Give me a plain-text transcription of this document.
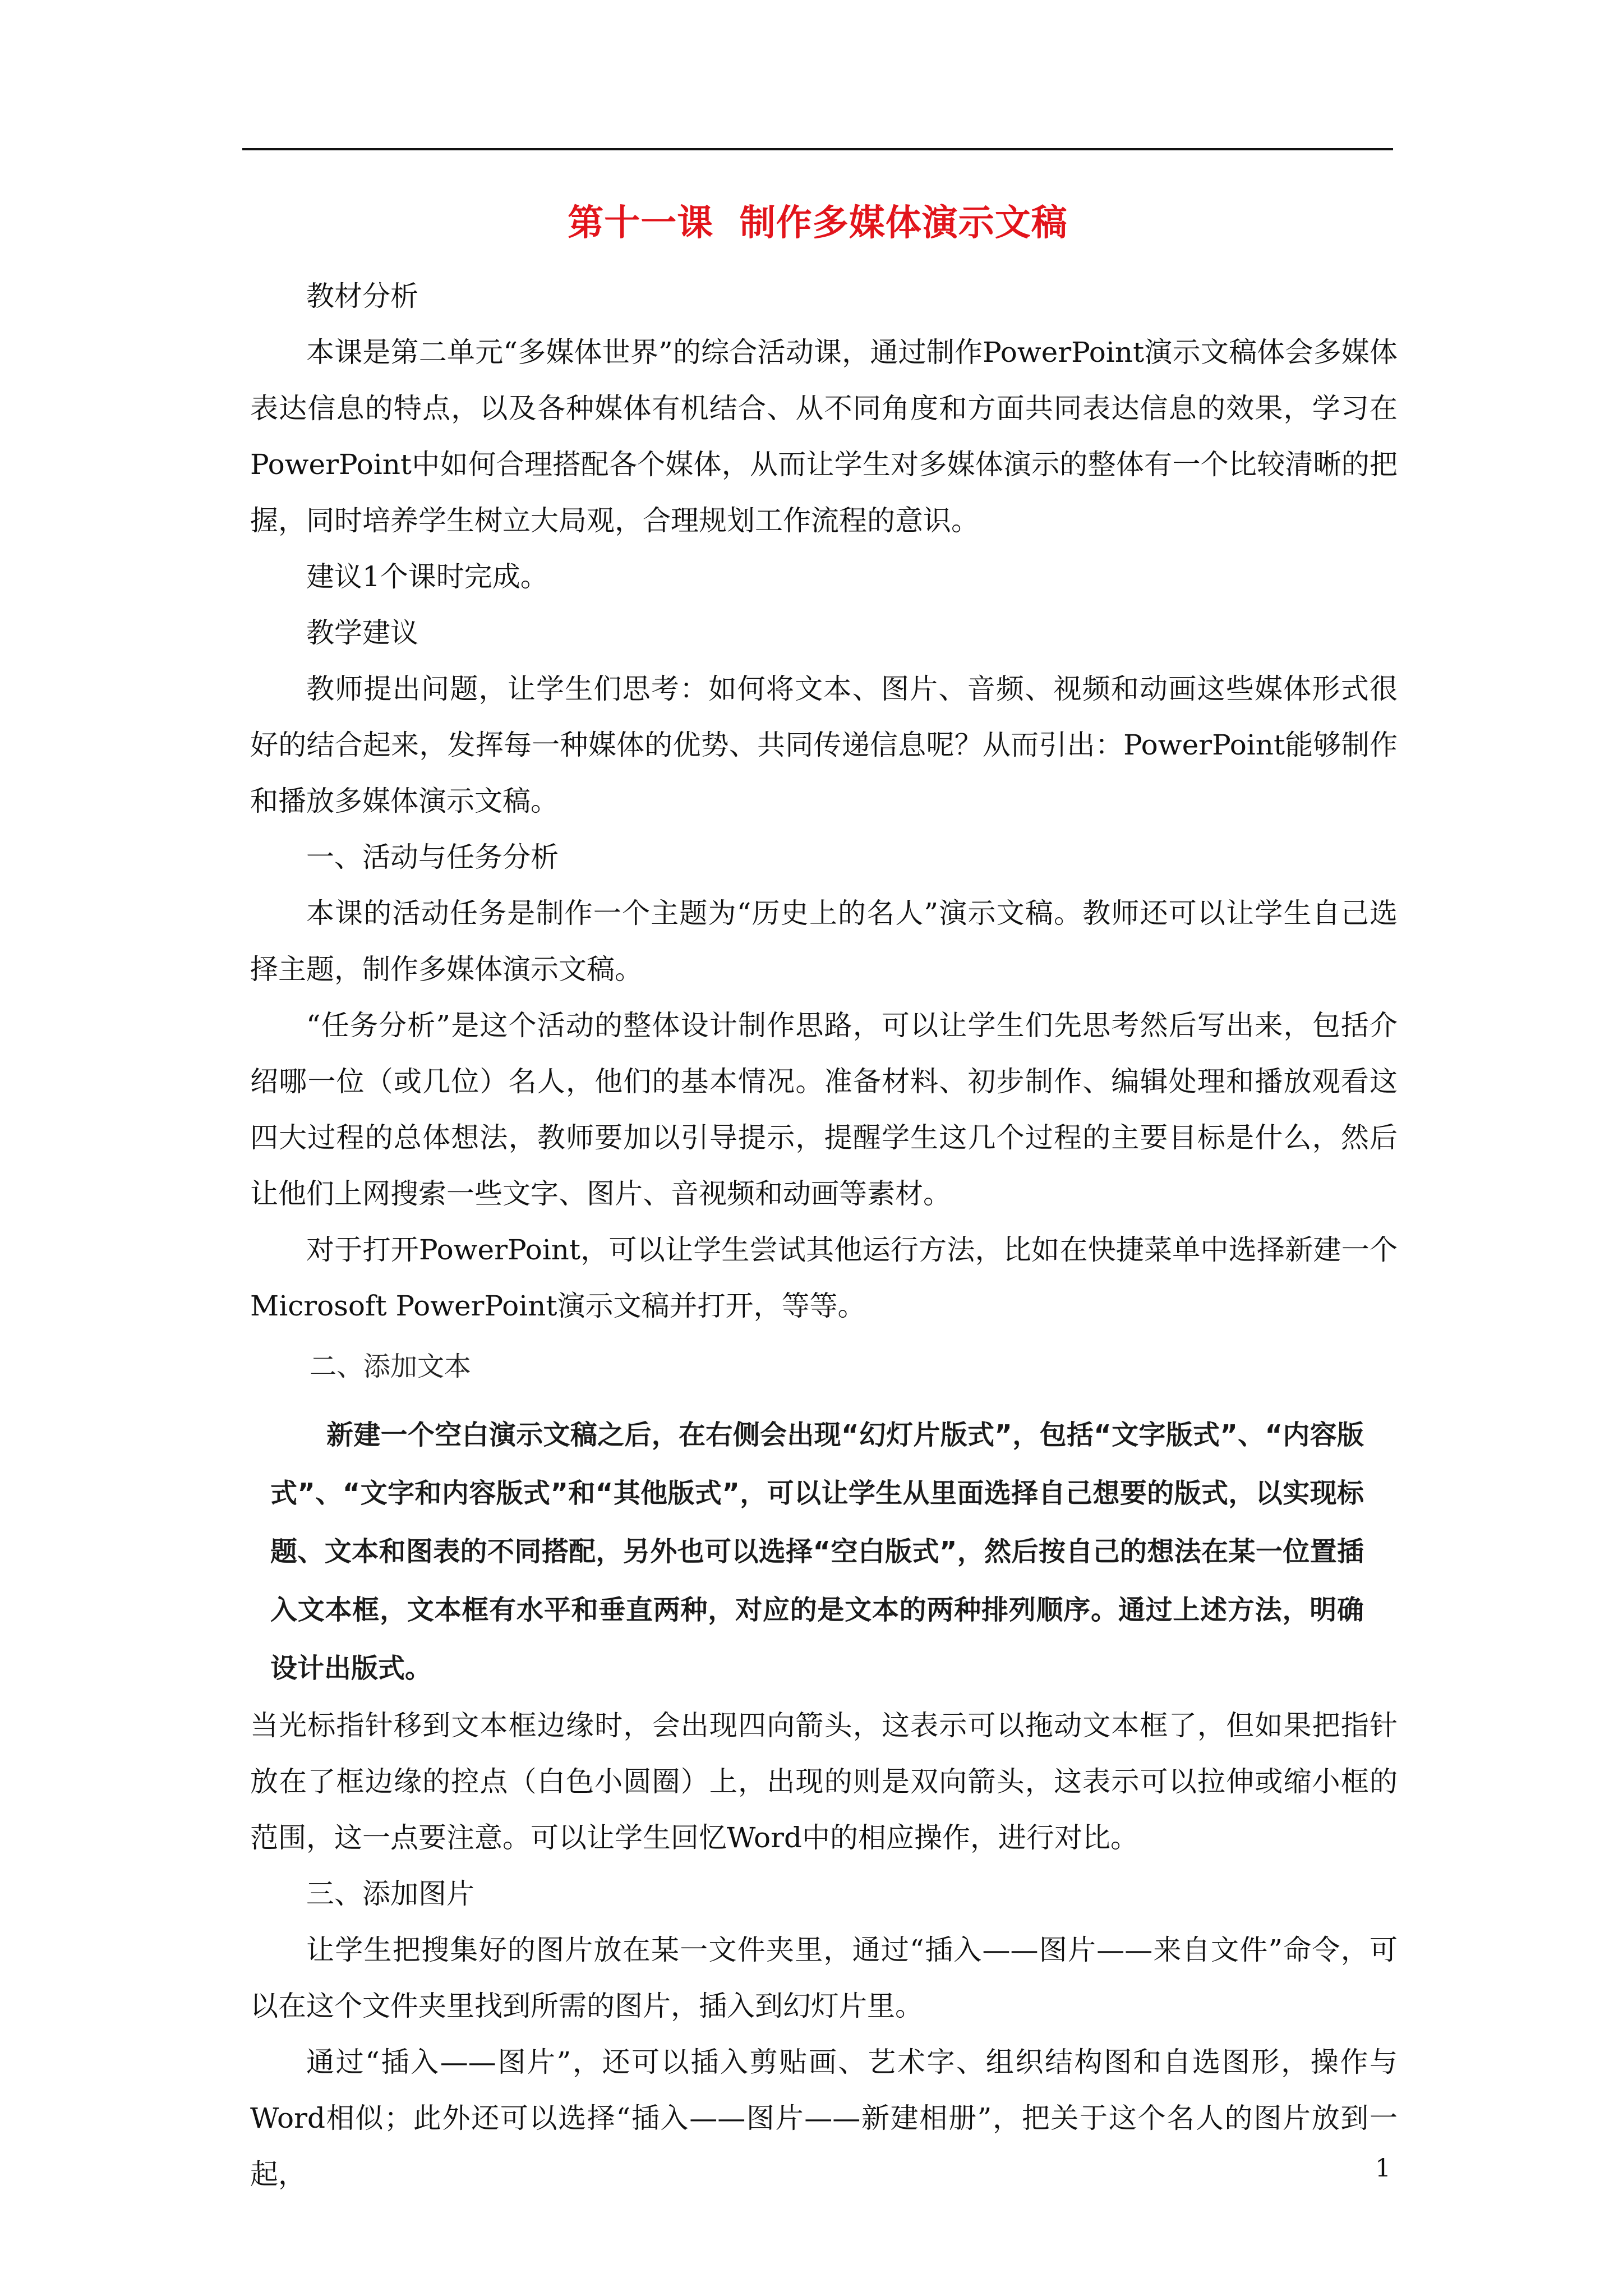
第十一课  制作多媒体演示文稿

教材分析

本课是第二单元“多媒体世界”的综合活动课，通过制作PowerPoint演示文稿体会多媒体表达信息的特点，以及各种媒体有机结合、从不同角度和方面共同表达信息的效果，学习在PowerPoint中如何合理搭配各个媒体，从而让学生对多媒体演示的整体有一个比较清晰的把握，同时培养学生树立大局观，合理规划工作流程的意识。

建议1个课时完成。

教学建议

教师提出问题，让学生们思考：如何将文本、图片、音频、视频和动画这些媒体形式很好的结合起来，发挥每一种媒体的优势、共同传递信息呢？从而引出：PowerPoint能够制作和播放多媒体演示文稿。

一、活动与任务分析

本课的活动任务是制作一个主题为“历史上的名人”演示文稿。教师还可以让学生自己选择主题，制作多媒体演示文稿。

“任务分析”是这个活动的整体设计制作思路，可以让学生们先思考然后写出来，包括介绍哪一位（或几位）名人，他们的基本情况。准备材料、初步制作、编辑处理和播放观看这四大过程的总体想法，教师要加以引导提示，提醒学生这几个过程的主要目标是什么，然后让他们上网搜索一些文字、图片、音视频和动画等素材。

对于打开PowerPoint，可以让学生尝试其他运行方法，比如在快捷菜单中选择新建一个Microsoft PowerPoint演示文稿并打开，等等。

二、添加文本

新建一个空白演示文稿之后，在右侧会出现“幻灯片版式”，包括“文字版式”、“内容版式”、“文字和内容版式”和“其他版式”，可以让学生从里面选择自己想要的版式，以实现标题、文本和图表的不同搭配，另外也可以选择“空白版式”，然后按自己的想法在某一位置插入文本框，文本框有水平和垂直两种，对应的是文本的两种排列顺序。通过上述方法，明确设计出版式。

当光标指针移到文本框边缘时，会出现四向箭头，这表示可以拖动文本框了，但如果把指针放在了框边缘的控点（白色小圆圈）上，出现的则是双向箭头，这表示可以拉伸或缩小框的范围，这一点要注意。可以让学生回忆Word中的相应操作，进行对比。

三、添加图片

让学生把搜集好的图片放在某一文件夹里，通过“插入——图片——来自文件”命令，可以在这个文件夹里找到所需的图片，插入到幻灯片里。

通过“插入——图片”，还可以插入剪贴画、艺术字、组织结构图和自选图形，操作与Word相似；此外还可以选择“插入——图片——新建相册”，把关于这个名人的图片放到一起，	1
